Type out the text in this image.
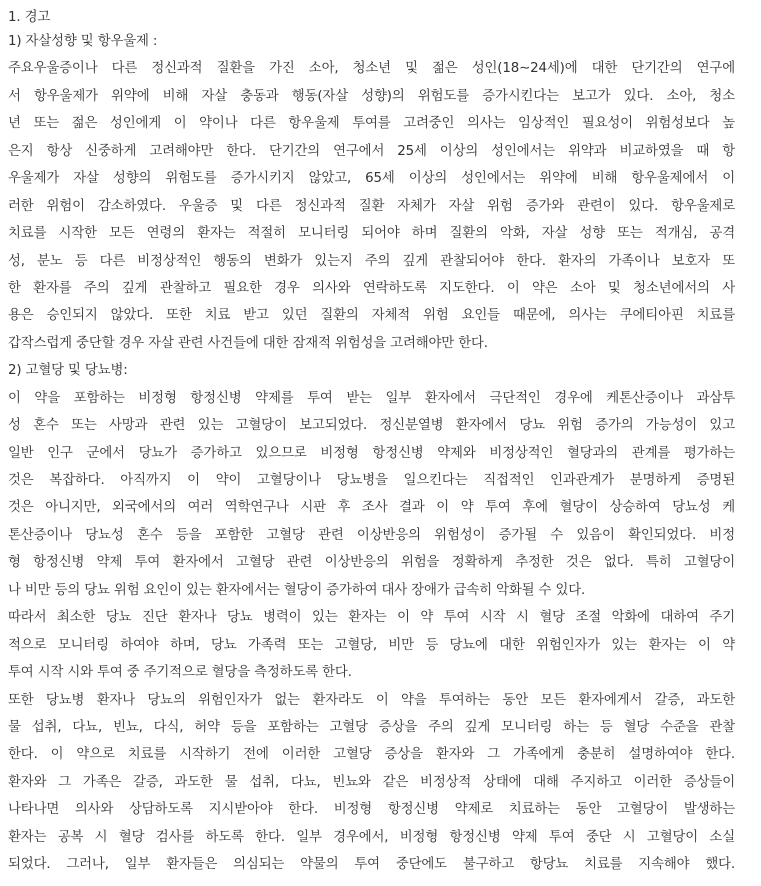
1. 경고
1) 자살성향 및 항우울제 :
주요우울증이나 다른 정신과적 질환을 가진 소아, 청소년 및 젊은 성인(18∼24세)에 대한 단기간의 연구에
서 항우울제가 위약에 비해 자살 충동과 행동(자살 성향)의 위험도를 증가시킨다는 보고가 있다. 소아, 청소
년 또는 젊은 성인에게 이 약이나 다른 항우울제 투여를 고려중인 의사는 임상적인 필요성이 위험성보다 높
은지 항상 신중하게 고려해야만 한다. 단기간의 연구에서 25세 이상의 성인에서는 위약과 비교하였을 때 항
우울제가 자살 성향의 위험도를 증가시키지 않았고, 65세 이상의 성인에서는 위약에 비해 항우울제에서 이
러한 위험이 감소하였다. 우울증 및 다른 정신과적 질환 자체가 자살 위험 증가와 관련이 있다. 항우울제로
치료를 시작한 모든 연령의 환자는 적절히 모니터링 되어야 하며 질환의 악화, 자살 성향 또는 적개심, 공격
성, 분노 등 다른 비정상적인 행동의 변화가 있는지 주의 깊게 관찰되어야 한다. 환자의 가족이나 보호자 또
한 환자를 주의 깊게 관찰하고 필요한 경우 의사와 연락하도록 지도한다. 이 약은 소아 및 청소년에서의 사
용은 승인되지 않았다. 또한 치료 받고 있던 질환의 자체적 위험 요인들 때문에, 의사는 쿠에티아핀 치료를
갑작스럽게 중단할 경우 자살 관련 사건들에 대한 잠재적 위험성을 고려해야만 한다.
2) 고혈당 및 당뇨병:
이 약을 포함하는 비정형 항정신병 약제를 투여 받는 일부 환자에서 극단적인 경우에 케톤산증이나 과삼투
성 혼수 또는 사망과 관련 있는 고혈당이 보고되었다. 정신분열병 환자에서 당뇨 위험 증가의 가능성이 있고
일반 인구 군에서 당뇨가 증가하고 있으므로 비정형 항정신병 약제와 비정상적인 혈당과의 관계를 평가하는
것은 복잡하다. 아직까지 이 약이 고혈당이나 당뇨병을 일으킨다는 직접적인 인과관계가 분명하게 증명된
것은 아니지만, 외국에서의 여러 역학연구나 시판 후 조사 결과 이 약 투여 후에 혈당이 상승하여 당뇨성 케
톤산증이나 당뇨성 혼수 등을 포함한 고혈당 관련 이상반응의 위험성이 증가될 수 있음이 확인되었다. 비정
형 항정신병 약제 투여 환자에서 고혈당 관련 이상반응의 위험을 정확하게 추정한 것은 없다. 특히 고혈당이
나 비만 등의 당뇨 위험 요인이 있는 환자에서는 혈당이 증가하여 대사 장애가 급속히 악화될 수 있다.
따라서 최소한 당뇨 진단 환자나 당뇨 병력이 있는 환자는 이 약 투여 시작 시 혈당 조절 악화에 대하여 주기
적으로 모니터링 하여야 하며, 당뇨 가족력 또는 고혈당, 비만 등 당뇨에 대한 위험인자가 있는 환자는 이 약
투여 시작 시와 투여 중 주기적으로 혈당을 측정하도록 한다.
또한 당뇨병 환자나 당뇨의 위험인자가 없는 환자라도 이 약을 투여하는 동안 모든 환자에게서 갈증, 과도한
물 섭취, 다뇨, 빈뇨, 다식, 허약 등을 포함하는 고혈당 증상을 주의 깊게 모니터링 하는 등 혈당 수준을 관찰
한다. 이 약으로 치료를 시작하기 전에 이러한 고혈당 증상을 환자와 그 가족에게 충분히 설명하여야 한다.
환자와 그 가족은 갈증, 과도한 물 섭취, 다뇨, 빈뇨와 같은 비정상적 상태에 대해 주지하고 이러한 증상들이
나타나면 의사와 상담하도록 지시받아야 한다. 비정형 항정신병 약제로 치료하는 동안 고혈당이 발생하는
환자는 공복 시 혈당 검사를 하도록 한다. 일부 경우에서, 비정형 항정신병 약제 투여 중단 시 고혈당이 소실
되었다. 그러나, 일부 환자들은 의심되는 약물의 투여 중단에도 불구하고 항당뇨 치료를 지속해야 했다.
